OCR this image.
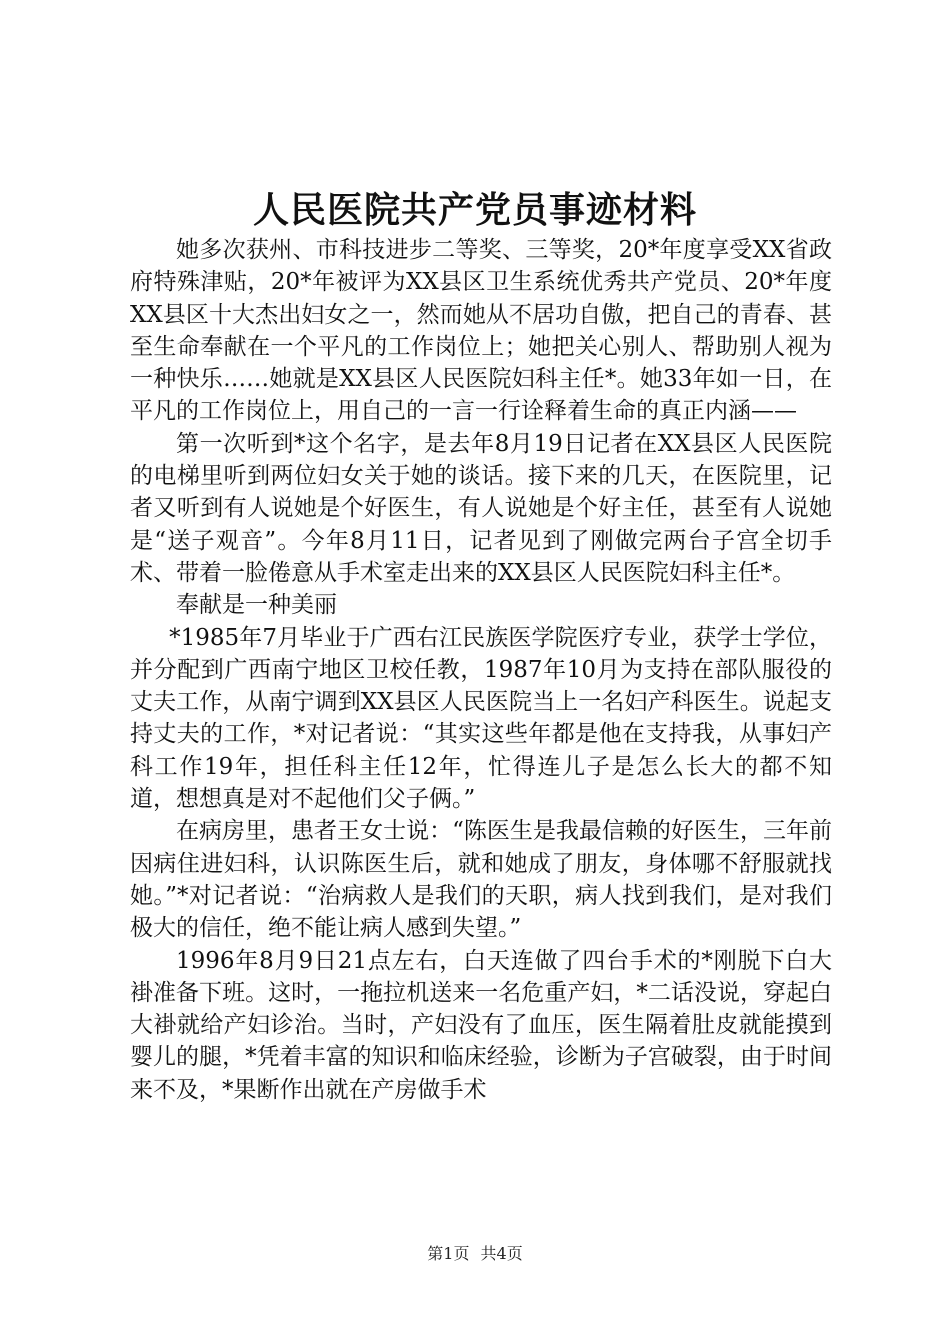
人民医院共产党员事迹材料

她多次获州、市科技进步二等奖、三等奖，20*年度享受XX省政府特殊津贴，20*年被评为XX县区卫生系统优秀共产党员、20*年度XX县区十大杰出妇女之一，然而她从不居功自傲，把自己的青春、甚至生命奉献在一个平凡的工作岗位上；她把关心别人、帮助别人视为一种快乐……她就是XX县区人民医院妇科主任*。她33年如一日，在平凡的工作岗位上，用自己的一言一行诠释着生命的真正内涵——

第一次听到*这个名字，是去年8月19日记者在XX县区人民医院的电梯里听到两位妇女关于她的谈话。接下来的几天，在医院里，记者又听到有人说她是个好医生，有人说她是个好主任，甚至有人说她是“送子观音”。今年8月11日，记者见到了刚做完两台子宫全切手术、带着一脸倦意从手术室走出来的XX县区人民医院妇科主任*。

奉献是一种美丽

*1985年7月毕业于广西右江民族医学院医疗专业，获学士学位，并分配到广西南宁地区卫校任教，1987年10月为支持在部队服役的丈夫工作，从南宁调到XX县区人民医院当上一名妇产科医生。说起支持丈夫的工作，*对记者说：“其实这些年都是他在支持我，从事妇产科工作19年，担任科主任12年，忙得连儿子是怎么长大的都不知道，想想真是对不起他们父子俩。”

在病房里，患者王女士说：“陈医生是我最信赖的好医生，三年前因病住进妇科，认识陈医生后，就和她成了朋友，身体哪不舒服就找她。”*对记者说：“治病救人是我们的天职，病人找到我们，是对我们极大的信任，绝不能让病人感到失望。”

1996年8月9日21点左右，白天连做了四台手术的*刚脱下白大褂准备下班。这时，一拖拉机送来一名危重产妇，*二话没说，穿起白大褂就给产妇诊治。当时，产妇没有了血压，医生隔着肚皮就能摸到婴儿的腿，*凭着丰富的知识和临床经验，诊断为子宫破裂，由于时间来不及，*果断作出就在产房做手术

第1页 共4页
